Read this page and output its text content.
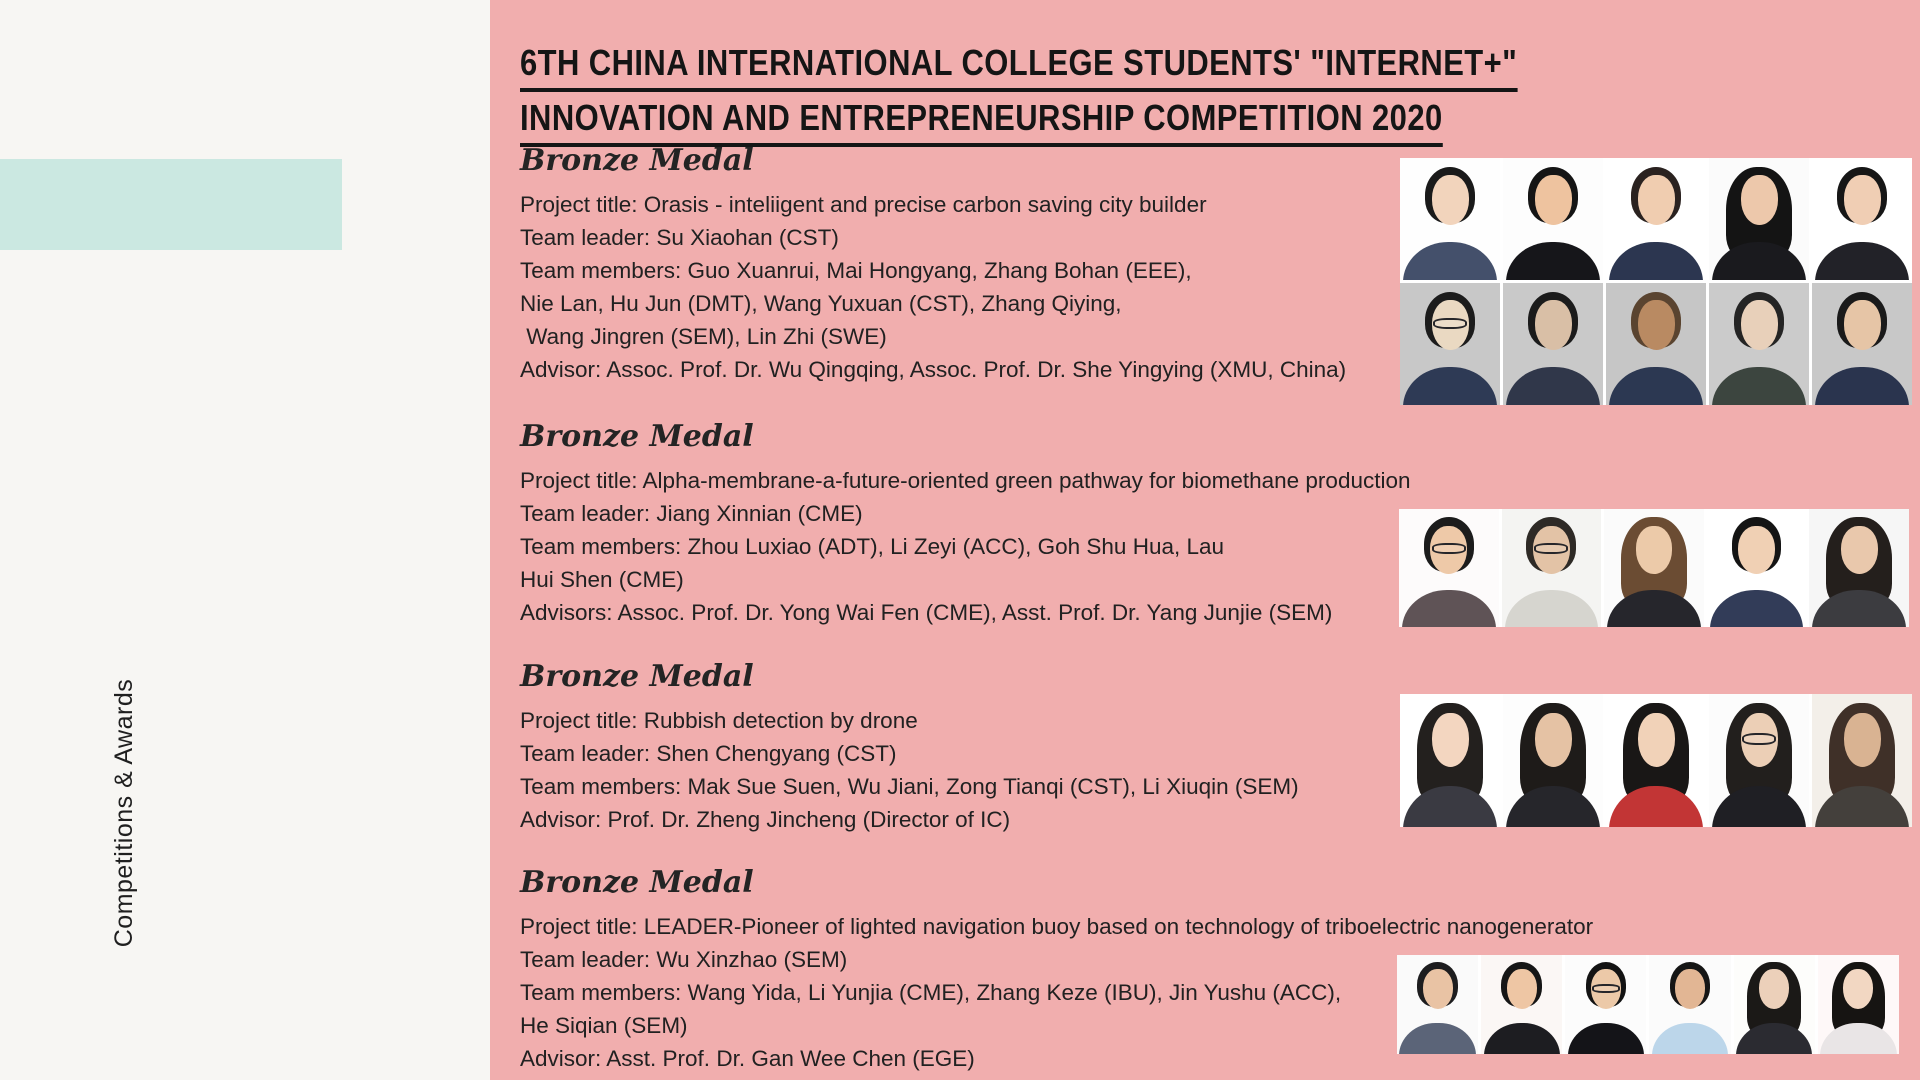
Competitions & Awards
6TH CHINA INTERNATIONAL COLLEGE STUDENTS' "INTERNET+"
INNOVATION AND ENTREPRENEURSHIP COMPETITION 2020
Bronze Medal
Project title: Orasis - inteliigent and precise carbon saving city builder
Team leader: Su Xiaohan (CST)
Team members: Guo Xuanrui, Mai Hongyang, Zhang Bohan (EEE),
Nie Lan, Hu Jun (DMT), Wang Yuxuan (CST), Zhang Qiying,
Wang Jingren (SEM), Lin Zhi (SWE)
Advisor: Assoc. Prof. Dr. Wu Qingqing, Assoc. Prof. Dr. She Yingying (XMU, China)
Bronze Medal
Project title: Alpha-membrane-a-future-oriented green pathway for biomethane production
Team leader: Jiang Xinnian (CME)
Team members: Zhou Luxiao (ADT), Li Zeyi (ACC), Goh Shu Hua, Lau
Hui Shen (CME)
Advisors: Assoc. Prof. Dr. Yong Wai Fen (CME), Asst. Prof. Dr. Yang Junjie (SEM)
Bronze Medal
Project title: Rubbish detection by drone
Team leader: Shen Chengyang (CST)
Team members: Mak Sue Suen, Wu Jiani, Zong Tianqi (CST), Li Xiuqin (SEM)
Advisor: Prof. Dr. Zheng Jincheng (Director of IC)
Bronze Medal
Project title: LEADER-Pioneer of lighted navigation buoy based on technology of triboelectric nanogenerator
Team leader: Wu Xinzhao (SEM)
Team members: Wang Yida, Li Yunjia (CME), Zhang Keze (IBU), Jin Yushu (ACC),
He Siqian (SEM)
Advisor: Asst. Prof. Dr. Gan Wee Chen (EGE)
